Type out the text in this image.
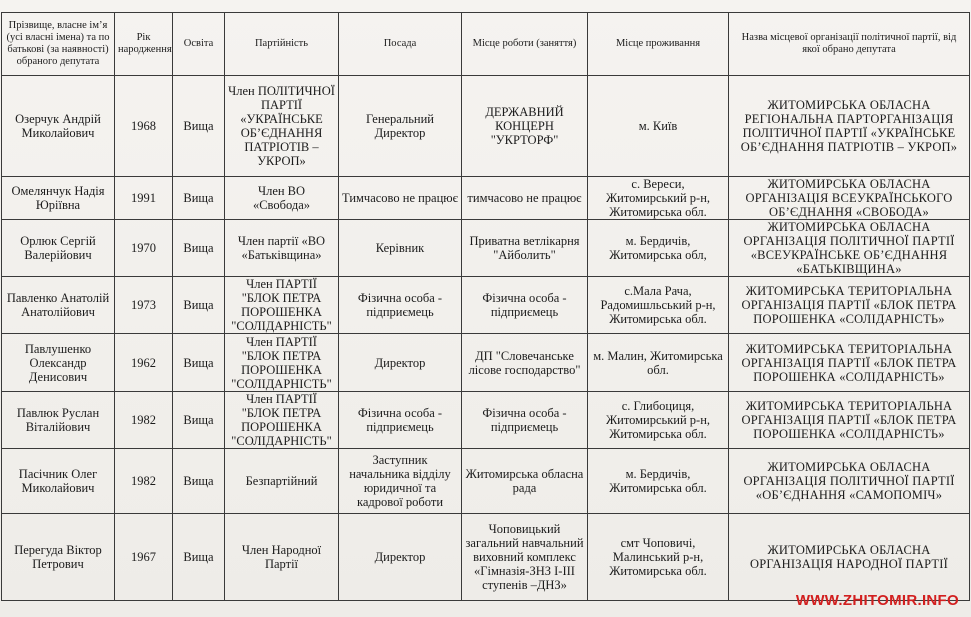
Прізвище, власне ім’я (усі власні імена) та по батькові (за наявності) обраного депутата	Рік народження	Освіта	Партійність	Посада	Місце роботи (заняття)	Місце проживання	Назва місцевої організації політичної партії, від якої обрано депутата
Озерчук Андрій Миколайович	1968	Вища	Член ПОЛІТИЧНОЇ ПАРТІЇ «УКРАЇНСЬКЕ ОБ’ЄДНАННЯ ПАТРІОТІВ – УКРОП»	Генеральний Директор	ДЕРЖАВНИЙ КОНЦЕРН "УКРТОРФ"	м. Київ	ЖИТОМИРСЬКА ОБЛАСНА РЕГІОНАЛЬНА ПАРТОРГАНІЗАЦІЯ ПОЛІТИЧНОЇ ПАРТІЇ «УКРАЇНСЬКЕ ОБ’ЄДНАННЯ ПАТРІОТІВ – УКРОП»
Омелянчук Надія Юріївна	1991	Вища	Член ВО «Свобода»	Тимчасово не працює	тимчасово не працює	с. Вереси, Житомирський р-н, Житомирська обл.	ЖИТОМИРСЬКА ОБЛАСНА ОРГАНІЗАЦІЯ ВСЕУКРАЇНСЬКОГО ОБ’ЄДНАННЯ «СВОБОДА»
Орлюк Сергій Валерійович	1970	Вища	Член партії «ВО «Батьківщина»	Керівник	Приватна ветлікарня "Айболить"	м. Бердичів, Житомирська обл,	ЖИТОМИРСЬКА ОБЛАСНА ОРГАНІЗАЦІЯ ПОЛІТИЧНОЇ ПАРТІЇ «ВСЕУКРАЇНСЬКЕ ОБ’ЄДНАННЯ «БАТЬКІВЩИНА»
Павленко Анатолій Анатолійович	1973	Вища	Член ПАРТІЇ "БЛОК ПЕТРА ПОРОШЕНКА "СОЛІДАРНІСТЬ"	Фізична особа - підприємець	Фізична особа - підприємець	с.Мала Рача, Радомишльський р-н, Житомирська обл.	ЖИТОМИРСЬКА ТЕРИТОРІАЛЬНА ОРГАНІЗАЦІЯ ПАРТІЇ «БЛОК ПЕТРА ПОРОШЕНКА «СОЛІДАРНІСТЬ»
Павлушенко Олександр Денисович	1962	Вища	Член ПАРТІЇ "БЛОК ПЕТРА ПОРОШЕНКА "СОЛІДАРНІСТЬ"	Директор	ДП "Словечанське лісове господарство"	м. Малин, Житомирська обл.	ЖИТОМИРСЬКА ТЕРИТОРІАЛЬНА ОРГАНІЗАЦІЯ ПАРТІЇ «БЛОК ПЕТРА ПОРОШЕНКА «СОЛІДАРНІСТЬ»
Павлюк Руслан Віталійович	1982	Вища	Член ПАРТІЇ "БЛОК ПЕТРА ПОРОШЕНКА "СОЛІДАРНІСТЬ"	Фізична особа - підприємець	Фізична особа - підприємець	с. Глибоциця, Житомирський р-н, Житомирська обл.	ЖИТОМИРСЬКА ТЕРИТОРІАЛЬНА ОРГАНІЗАЦІЯ ПАРТІЇ «БЛОК ПЕТРА ПОРОШЕНКА «СОЛІДАРНІСТЬ»
Пасічник Олег Миколайович	1982	Вища	Безпартійний	Заступник начальника відділу юридичної та кадрової роботи	Житомирська обласна рада	м. Бердичів, Житомирська обл.	ЖИТОМИРСЬКА ОБЛАСНА ОРГАНІЗАЦІЯ ПОЛІТИЧНОЇ ПАРТІЇ «ОБ’ЄДНАННЯ «САМОПОМІЧ»
Перегуда Віктор Петрович	1967	Вища	Член Народної Партії	Директор	Чоповицький загальний навчальний виховний комплекс «Гімназія-ЗНЗ І-ІІІ ступенів –ДНЗ»	смт Чоповичі, Малинський р-н, Житомирська обл.	ЖИТОМИРСЬКА ОБЛАСНА ОРГАНІЗАЦІЯ НАРОДНОЇ ПАРТІЇ
WWW.ZHITOMIR.INFO
